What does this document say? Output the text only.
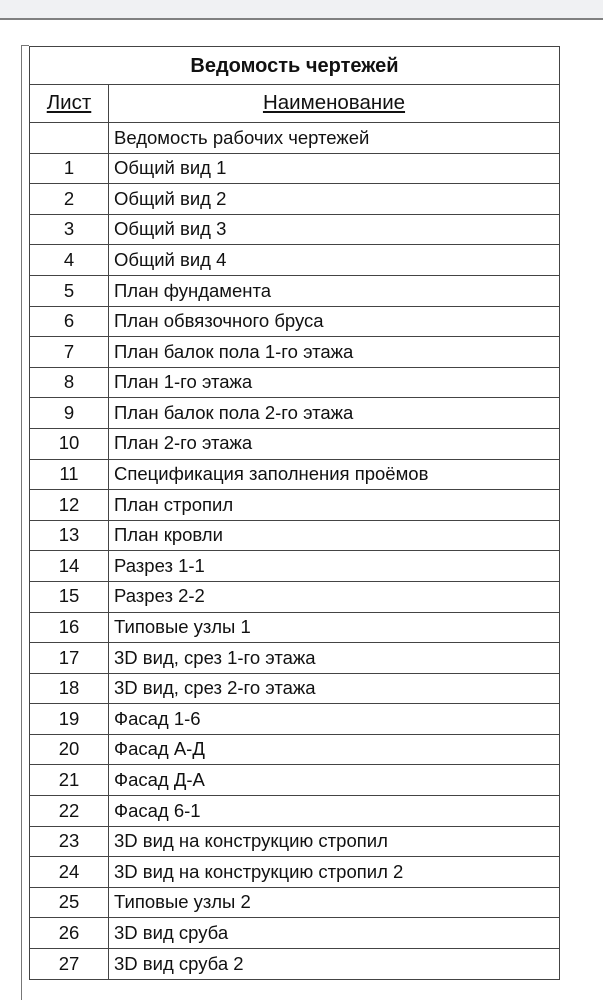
Ведомость чертежей	
Лист	Наименование
	Ведомость рабочих чертежей
1	Общий вид 1
2	Общий вид 2
3	Общий вид 3
4	Общий вид 4
5	План фундамента
6	План обвязочного бруса
7	План балок пола 1-го этажа
8	План 1-го этажа
9	План балок пола 2-го этажа
10	План 2-го этажа
11	Спецификация заполнения проёмов
12	План стропил
13	План кровли
14	Разрез 1-1
15	Разрез 2-2
16	Типовые узлы 1
17	3D вид, срез 1-го этажа
18	3D вид, срез 2-го этажа
19	Фасад 1-6
20	Фасад А-Д
21	Фасад Д-А
22	Фасад 6-1
23	3D вид на конструкцию стропил
24	3D вид на конструкцию стропил 2
25	Типовые узлы 2
26	3D вид сруба
27	3D вид сруба 2
